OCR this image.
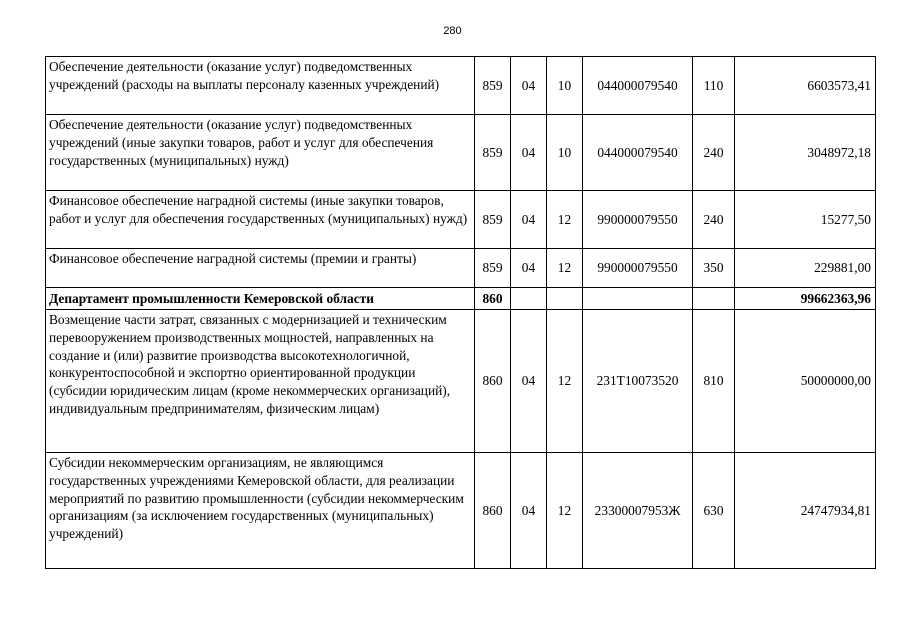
280
Обеспечение деятельности (оказание услуг) подведомственных учреждений (расходы на выплаты персоналу казенных учреждений)	859	04	10	044000079540	110	6603573,41
Обеспечение деятельности (оказание услуг) подведомственных учреждений (иные закупки товаров, работ и услуг для обеспечения государственных (муниципальных) нужд)	859	04	10	044000079540	240	3048972,18
Финансовое обеспечение наградной системы (иные закупки товаров, работ и услуг для обеспечения государственных (муниципальных) нужд)	859	04	12	990000079550	240	15277,50
Финансовое обеспечение наградной системы (премии и гранты)	859	04	12	990000079550	350	229881,00
Департамент промышленности Кемеровской области	860					99662363,96
Возмещение части затрат, связанных с модернизацией и техническим перевооружением производственных мощностей, направленных на создание и (или) развитие производства высокотехнологичной, конкурентоспособной и экспортно ориентированной продукции (субсидии юридическим лицам (кроме некоммерческих организаций), индивидуальным предпринимателям, физическим лицам)	860	04	12	231Т10073520	810	50000000,00
Субсидии некоммерческим организациям, не являющимся государственных учреждениями Кемеровской области, для реализации мероприятий по развитию промышленности (субсидии некоммерческим организациям (за исключением государственных (муниципальных) учреждений)	860	04	12	23300007953Ж	630	24747934,81
